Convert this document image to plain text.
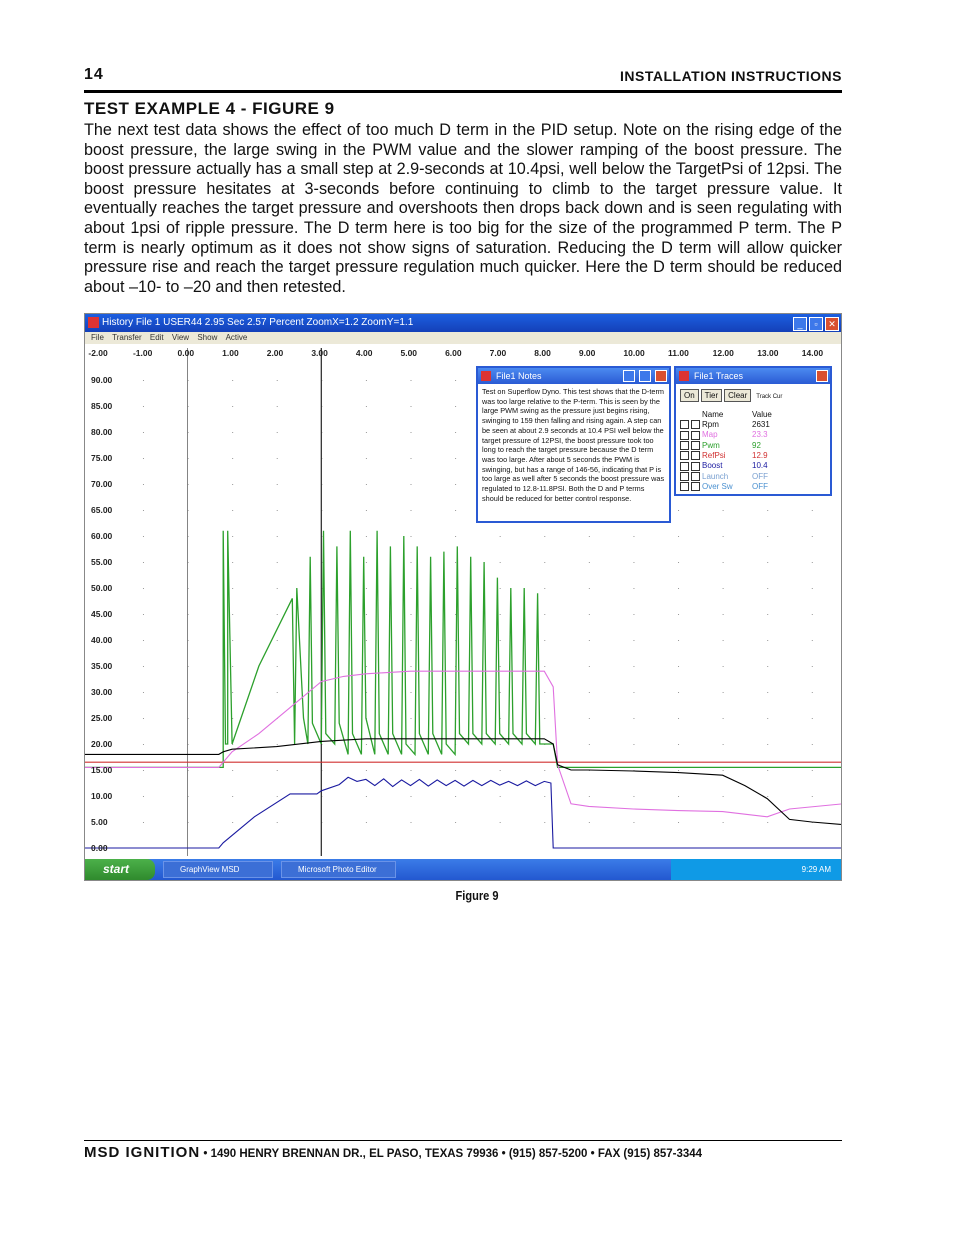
14	INSTALLATION INSTRUCTIONS
TEST EXAMPLE 4 - FIGURE 9
The next test data shows the effect of too much D term in the PID setup. Note on the rising edge of the boost pressure, the large swing in the PWM value and the slower ramping of the boost pressure. The boost pressure actually has a small step at 2.9-seconds at 10.4psi, well below the TargetPsi of 12psi. The boost pressure hesitates at 3-seconds before continuing to climb to the target pressure value. It eventually reaches the target pressure and overshoots then drops back down and is seen regulating with about 1psi of ripple pressure. The D term here is too big for the size of the programmed P term. The P term is nearly optimum as it does not show signs of saturation. Reducing the D term will allow quicker pressure rise and reach the target pressure regulation much quicker. Here the D term should be reduced about –10- to –20 and then retested.
History File 1 USER44 2.95 Sec 2.57 Percent ZoomX=1.2 ZoomY=1.1	_ ▫ ✕
File Transfer Edit View Show Active
-2.00	-1.00	0.00	1.00	2.00	3.00	4.00	5.00	6.00	7.00	8.00	9.00	10.00	11.00	12.00	13.00	14.00
90.00
85.00
80.00
75.00
70.00
65.00
60.00
55.00
50.00
45.00
40.00
35.00
30.00
25.00
20.00
15.00
10.00
5.00
0.00
File1 Notes
Test on Superflow Dyno. This test shows that the D-term was too large relative to the P-term. This is seen by the large PWM swing as the pressure just begins rising, swinging to 159 then falling and rising again. A step can be seen at about 2.9 seconds at 10.4 PSI well below the target pressure of 12PSI, the boost pressure took too long to reach the target pressure because the D term was too large. After about 5 seconds the PWM is swinging, but has a range of 146-56, indicating that P is too large as well after 5 seconds the boost pressure was regulated to 12.8-11.8PSI. Both the D and P terms should be reduced for better control response.
File1 Traces
On Tier Clear Track Cur
Name	Value
Rpm	2631
Map	23.3
Pwm	92
RefPsi	12.9
Boost	10.4
Launch	OFF
Over Sw OFF
start	GraphView MSD	Microsoft Photo Editor	9:29 AM
Figure 9
MSD IGNITION • 1490 HENRY BRENNAN DR., EL PASO, TEXAS 79936 • (915) 857-5200 • FAX (915) 857-3344
